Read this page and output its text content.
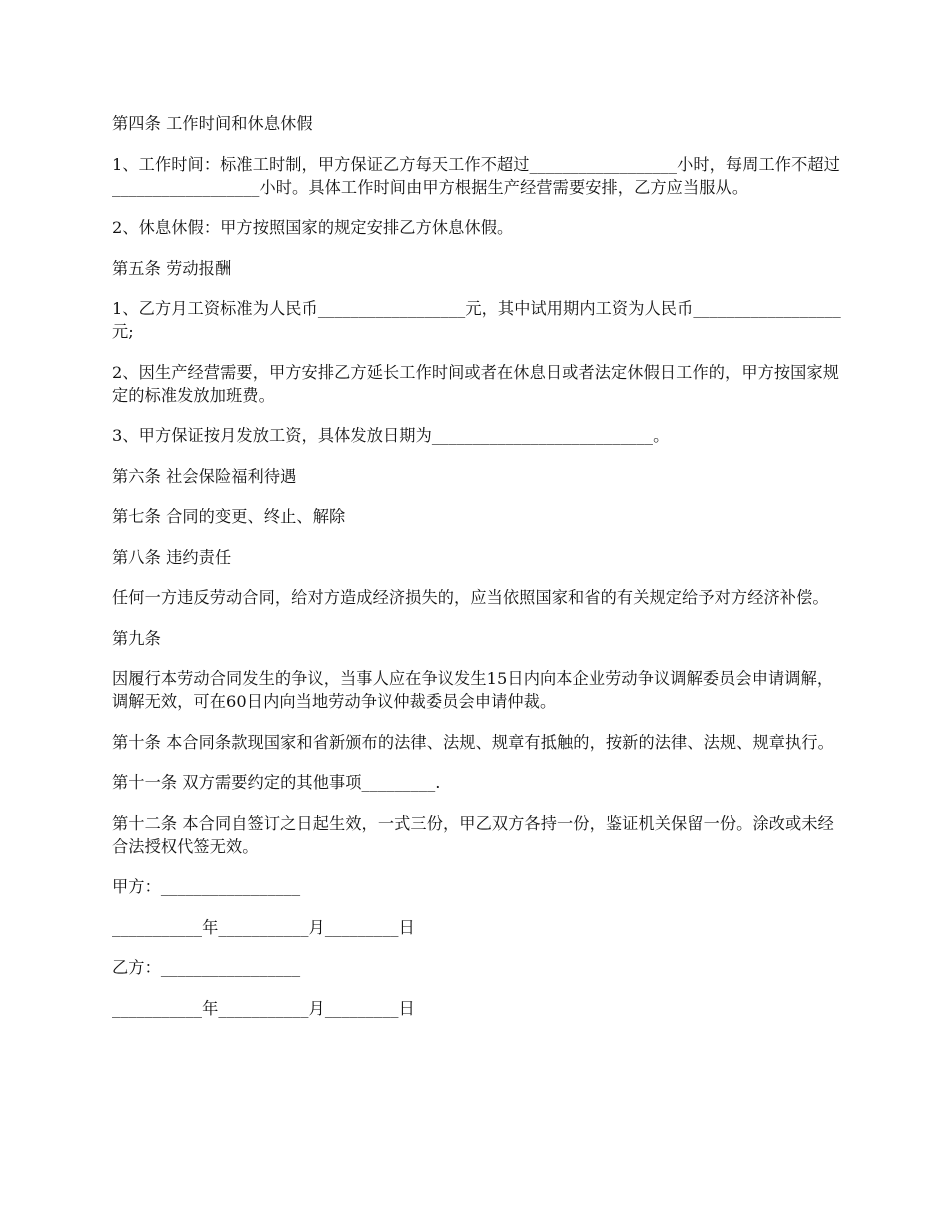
第四条 工作时间和休息休假

1、工作时间：标准工时制，甲方保证乙方每天工作不超过__________________小时，每周工作不超过__________________小时。具体工作时间由甲方根据生产经营需要安排，乙方应当服从。

2、休息休假：甲方按照国家的规定安排乙方休息休假。

第五条 劳动报酬

1、乙方月工资标准为人民币__________________元，其中试用期内工资为人民币__________________元;

2、因生产经营需要，甲方安排乙方延长工作时间或者在休息日或者法定休假日工作的，甲方按国家规定的标准发放加班费。

3、甲方保证按月发放工资，具体发放日期为___________________________。

第六条 社会保险福利待遇

第七条 合同的变更、终止、解除

第八条 违约责任

任何一方违反劳动合同，给对方造成经济损失的，应当依照国家和省的有关规定给予对方经济补偿。

第九条

因履行本劳动合同发生的争议，当事人应在争议发生15日内向本企业劳动争议调解委员会申请调解，调解无效，可在60日内向当地劳动争议仲裁委员会申请仲裁。

第十条 本合同条款现国家和省新颁布的法律、法规、规章有抵触的，按新的法律、法规、规章执行。

第十一条 双方需要约定的其他事项_________.

第十二条 本合同自签订之日起生效，一式三份，甲乙双方各持一份，鉴证机关保留一份。涂改或未经合法授权代签无效。

甲方：_________________

___________年___________月_________日

乙方：_________________

___________年___________月_________日
